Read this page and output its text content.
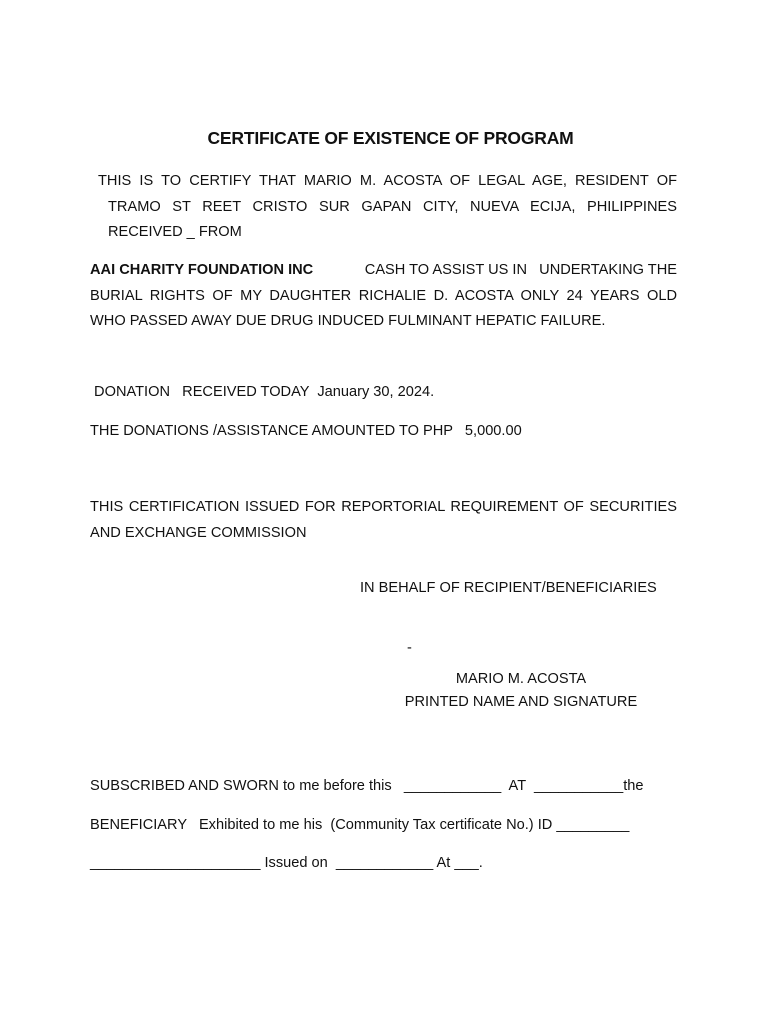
CERTIFICATE OF EXISTENCE OF PROGRAM
THIS IS TO CERTIFY THAT MARIO M. ACOSTA OF LEGAL AGE, RESIDENT OF
TRAMO ST REET CRISTO SUR GAPAN CITY, NUEVA ECIJA, PHILIPPINES
RECEIVED _ FROM
AAI CHARITY FOUNDATION INC	CASH TO ASSIST US IN   UNDERTAKING THE
BURIAL RIGHTS OF MY DAUGHTER RICHALIE D. ACOSTA ONLY 24 YEARS OLD
WHO PASSED AWAY DUE DRUG INDUCED FULMINANT HEPATIC FAILURE.
DONATION   RECEIVED TODAY  January 30, 2024.
THE DONATIONS /ASSISTANCE AMOUNTED TO PHP   5,000.00
THIS CERTIFICATION ISSUED FOR REPORTORIAL REQUIREMENT OF SECURITIES
AND EXCHANGE COMMISSION
IN BEHALF OF RECIPIENT/BENEFICIARIES
-
MARIO M. ACOSTA
PRINTED NAME AND SIGNATURE
SUBSCRIBED AND SWORN to me before this   ____________  AT  ___________the
BENEFICIARY   Exhibited to me his  (Community Tax certificate No.) ID _________
_____________________ Issued on  ____________ At ___.
